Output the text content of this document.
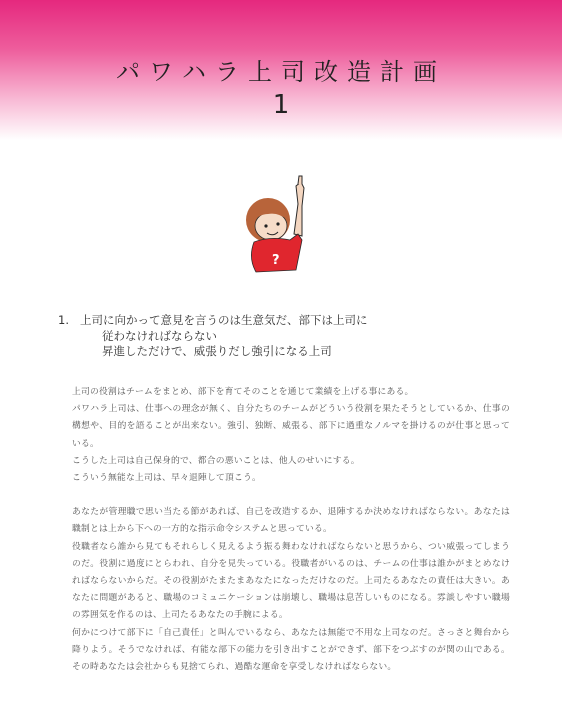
パワハラ上司改造計画
1
?
1. 上司に向かって意見を言うのは生意気だ、部下は上司に
従わなければならない
昇進しただけで、威張りだし強引になる上司

上司の役割はチームをまとめ、部下を育てそのことを通じて業績を上げる事にある。

パワハラ上司は、仕事への理念が無く、自分たちのチームがどういう役割を果たそうとしているか、仕事の構想や、目的を語ることが出来ない。強引、独断、威張る、部下に過重なノルマを掛けるのが仕事と思っている。

こうした上司は自己保身的で、都合の悪いことは、他人のせいにする。

こういう無能な上司は、早々退陣して頂こう。

あなたが管理職で思い当たる節があれば、自己を改造するか、退陣するか決めなければならない。あなたは職制とは上から下への一方的な指示命令システムと思っている。

役職者なら誰から見てもそれらしく見えるよう振る舞わなければならないと思うから、つい威張ってしまうのだ。役割に過度にとらわれ、自分を見失っている。役職者がいるのは、チームの仕事は誰かがまとめなければならないからだ。その役割がたまたまあなたになっただけなのだ。上司たるあなたの責任は大きい。あなたに問題があると、職場のコミュニケーションは崩壊し、職場は息苦しいものになる。雰談しやすい職場の雰囲気を作るのは、上司たるあなたの手腕による。

何かにつけて部下に「自己責任」と叫んでいるなら、あなたは無能で不用な上司なのだ。さっさと舞台から降りよう。そうでなければ、有能な部下の能力を引き出すことができず、部下をつぶすのが関の山である。その時あなたは会社からも見捨てられ、過酷な運命を享受しなければならない。
